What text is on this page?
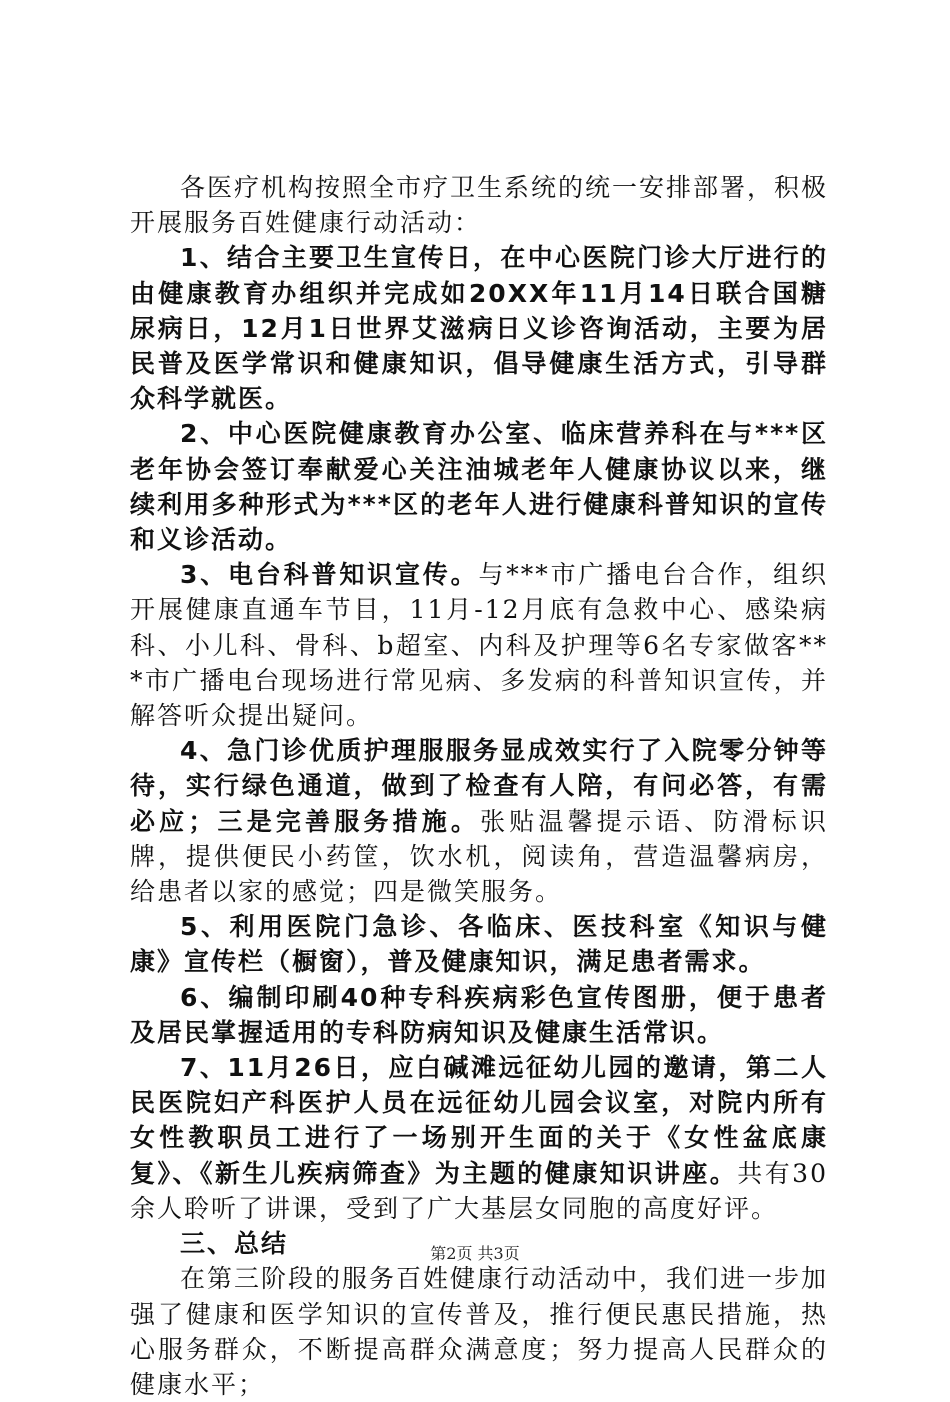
各医疗机构按照全市疗卫生系统的统一安排部署，积极开展服务百姓健康行动活动：

1、结合主要卫生宣传日，在中心医院门诊大厅进行的由健康教育办组织并完成如20XX年11月14日联合国糖尿病日，12月1日世界艾滋病日义诊咨询活动，主要为居民普及医学常识和健康知识，倡导健康生活方式，引导群众科学就医。

2、中心医院健康教育办公室、临床营养科在与***区老年协会签订奉献爱心关注油城老年人健康协议以来，继续利用多种形式为***区的老年人进行健康科普知识的宣传和义诊活动。

3、电台科普知识宣传。与***市广播电台合作，组织开展健康直通车节目，11月-12月底有急救中心、感染病科、小儿科、骨科、b超室、内科及护理等6名专家做客***市广播电台现场进行常见病、多发病的科普知识宣传，并解答听众提出疑问。

4、急门诊优质护理服服务显成效实行了入院零分钟等待，实行绿色通道，做到了检查有人陪，有问必答，有需必应；三是完善服务措施。张贴温馨提示语、防滑标识牌，提供便民小药筐，饮水机，阅读角，营造温馨病房，给患者以家的感觉；四是微笑服务。

5、利用医院门急诊、各临床、医技科室《知识与健康》宣传栏（橱窗），普及健康知识，满足患者需求。

6、编制印刷40种专科疾病彩色宣传图册，便于患者及居民掌握适用的专科防病知识及健康生活常识。

7、11月26日，应白碱滩远征幼儿园的邀请，第二人民医院妇产科医护人员在远征幼儿园会议室，对院内所有女性教职员工进行了一场别开生面的关于《女性盆底康复》、《新生儿疾病筛查》为主题的健康知识讲座。共有30余人聆听了讲课，受到了广大基层女同胞的高度好评。

三、总结

在第三阶段的服务百姓健康行动活动中，我们进一步加强了健康和医学知识的宣传普及，推行便民惠民措施，热心服务群众，不断提高群众满意度；努力提高人民群众的健康水平；

第2页 共3页
